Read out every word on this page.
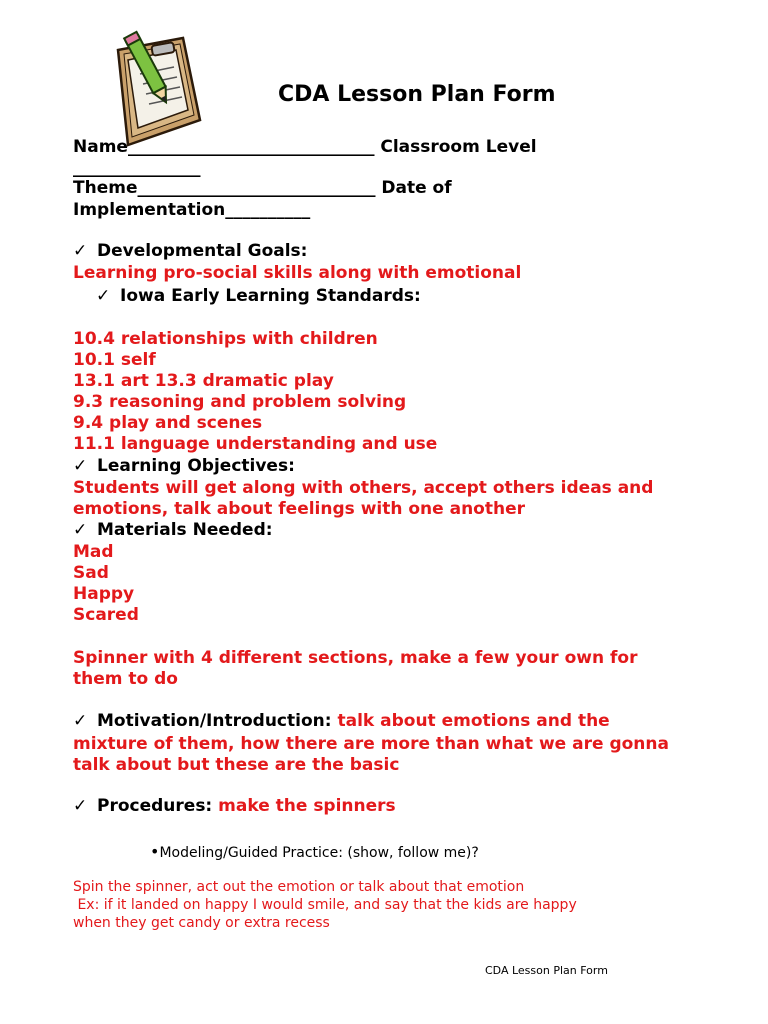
CDA Lesson Plan Form
Name_____________________________ Classroom Level
_______________
Theme____________________________ Date of
Implementation__________
✓ Developmental Goals:
Learning pro-social skills along with emotional
✓ Iowa Early Learning Standards:
10.4 relationships with children
10.1 self
13.1 art 13.3 dramatic play
9.3 reasoning and problem solving
9.4 play and scenes
11.1 language understanding and use
✓ Learning Objectives:
Students will get along with others, accept others ideas and
emotions, talk about feelings with one another
✓ Materials Needed:
Mad
Sad
Happy
Scared
Spinner with 4 different sections, make a few your own for
them to do
✓ Motivation/Introduction: talk about emotions and the
mixture of them, how there are more than what we are gonna
talk about but these are the basic
✓ Procedures: make the spinners
•Modeling/Guided Practice: (show, follow me)?
Spin the spinner, act out the emotion or talk about that emotion
Ex: if it landed on happy I would smile, and say that the kids are happy
when they get candy or extra recess
CDA Lesson Plan Form
